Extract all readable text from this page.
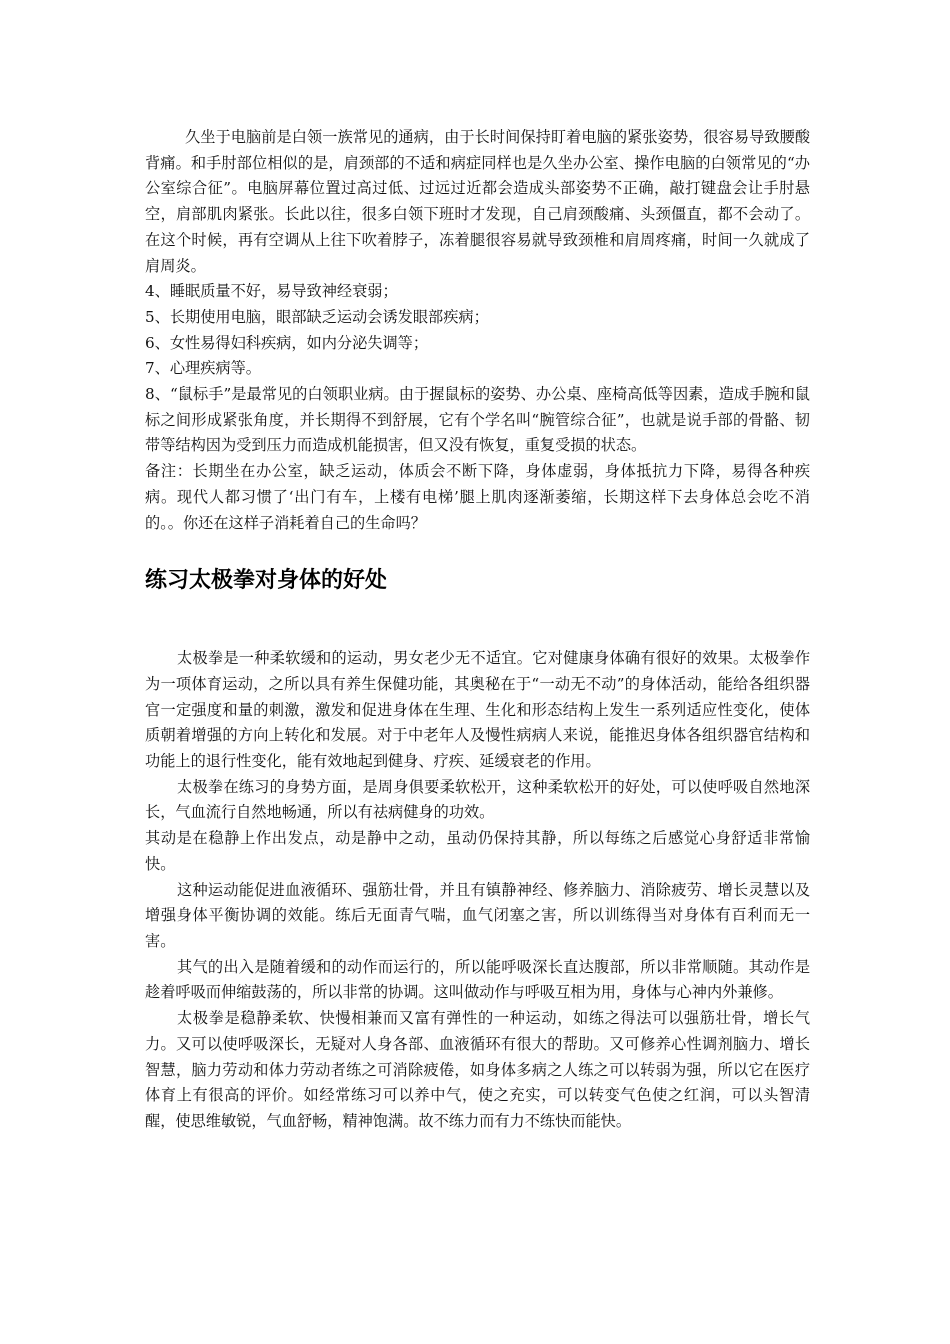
久坐于电脑前是白领一族常见的通病，由于长时间保持盯着电脑的紧张姿势，很容易导致腰酸背痛。和手肘部位相似的是，肩颈部的不适和病症同样也是久坐办公室、操作电脑的白领常见的“办公室综合征”。电脑屏幕位置过高过低、过远过近都会造成头部姿势不正确，敲打键盘会让手肘悬空，肩部肌肉紧张。长此以往，很多白领下班时才发现，自己肩颈酸痛、头颈僵直，都不会动了。在这个时候，再有空调从上往下吹着脖子，冻着腿很容易就导致颈椎和肩周疼痛，时间一久就成了肩周炎。

4、睡眠质量不好，易导致神经衰弱；

5、长期使用电脑，眼部缺乏运动会诱发眼部疾病；

6、女性易得妇科疾病，如内分泌失调等；

7、心理疾病等。

8、“鼠标手”是最常见的白领职业病。由于握鼠标的姿势、办公桌、座椅高低等因素，造成手腕和鼠标之间形成紧张角度，并长期得不到舒展，它有个学名叫“腕管综合征”，也就是说手部的骨骼、韧带等结构因为受到压力而造成机能损害，但又没有恢复，重复受损的状态。

备注：长期坐在办公室，缺乏运动，体质会不断下降，身体虚弱，身体抵抗力下降，易得各种疾病。现代人都习惯了‘出门有车，上楼有电梯’腿上肌肉逐渐萎缩，长期这样下去身体总会吃不消的。。你还在这样子消耗着自己的生命吗？

练习太极拳对身体的好处

太极拳是一种柔软缓和的运动，男女老少无不适宜。它对健康身体确有很好的效果。太极拳作为一项体育运动，之所以具有养生保健功能，其奥秘在于“一动无不动”的身体活动，能给各组织器官一定强度和量的刺激，激发和促进身体在生理、生化和形态结构上发生一系列适应性变化，使体质朝着增强的方向上转化和发展。对于中老年人及慢性病病人来说，能推迟身体各组织器官结构和功能上的退行性变化，能有效地起到健身、疗疾、延缓衰老的作用。

太极拳在练习的身势方面，是周身俱要柔软松开，这种柔软松开的好处，可以使呼吸自然地深长，气血流行自然地畅通，所以有祛病健身的功效。

其动是在稳静上作出发点，动是静中之动，虽动仍保持其静，所以每练之后感觉心身舒适非常愉快。

这种运动能促进血液循环、强筋壮骨，并且有镇静神经、修养脑力、消除疲劳、增长灵慧以及增强身体平衡协调的效能。练后无面青气喘，血气闭塞之害，所以训练得当对身体有百利而无一害。

其气的出入是随着缓和的动作而运行的，所以能呼吸深长直达腹部，所以非常顺随。其动作是趁着呼吸而伸缩鼓荡的，所以非常的协调。这叫做动作与呼吸互相为用，身体与心神内外兼修。

太极拳是稳静柔软、快慢相兼而又富有弹性的一种运动，如练之得法可以强筋壮骨，增长气力。又可以使呼吸深长，无疑对人身各部、血液循环有很大的帮助。又可修养心性调剂脑力、增长智慧，脑力劳动和体力劳动者练之可消除疲倦，如身体多病之人练之可以转弱为强，所以它在医疗体育上有很高的评价。如经常练习可以养中气，使之充实，可以转变气色使之红润，可以头智清醒，使思维敏锐，气血舒畅，精神饱满。故不练力而有力不练快而能快。
